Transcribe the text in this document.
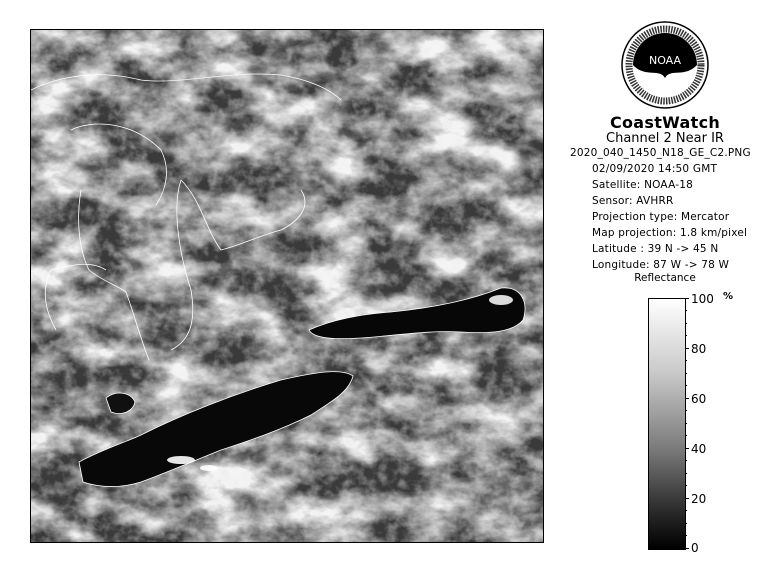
NOAA
CoastWatch
Channel 2 Near IR
2020_040_1450_N18_GE_C2.PNG
02/09/2020 14:50 GMT
Satellite: NOAA-18
Sensor: AVHRR
Projection type: Mercator
Map projection: 1.8 km/pixel
Latitude : 39 N -> 45 N
Longitude: 87 W -> 78 W
Reflectance
%
100
80
60
40
20
0
